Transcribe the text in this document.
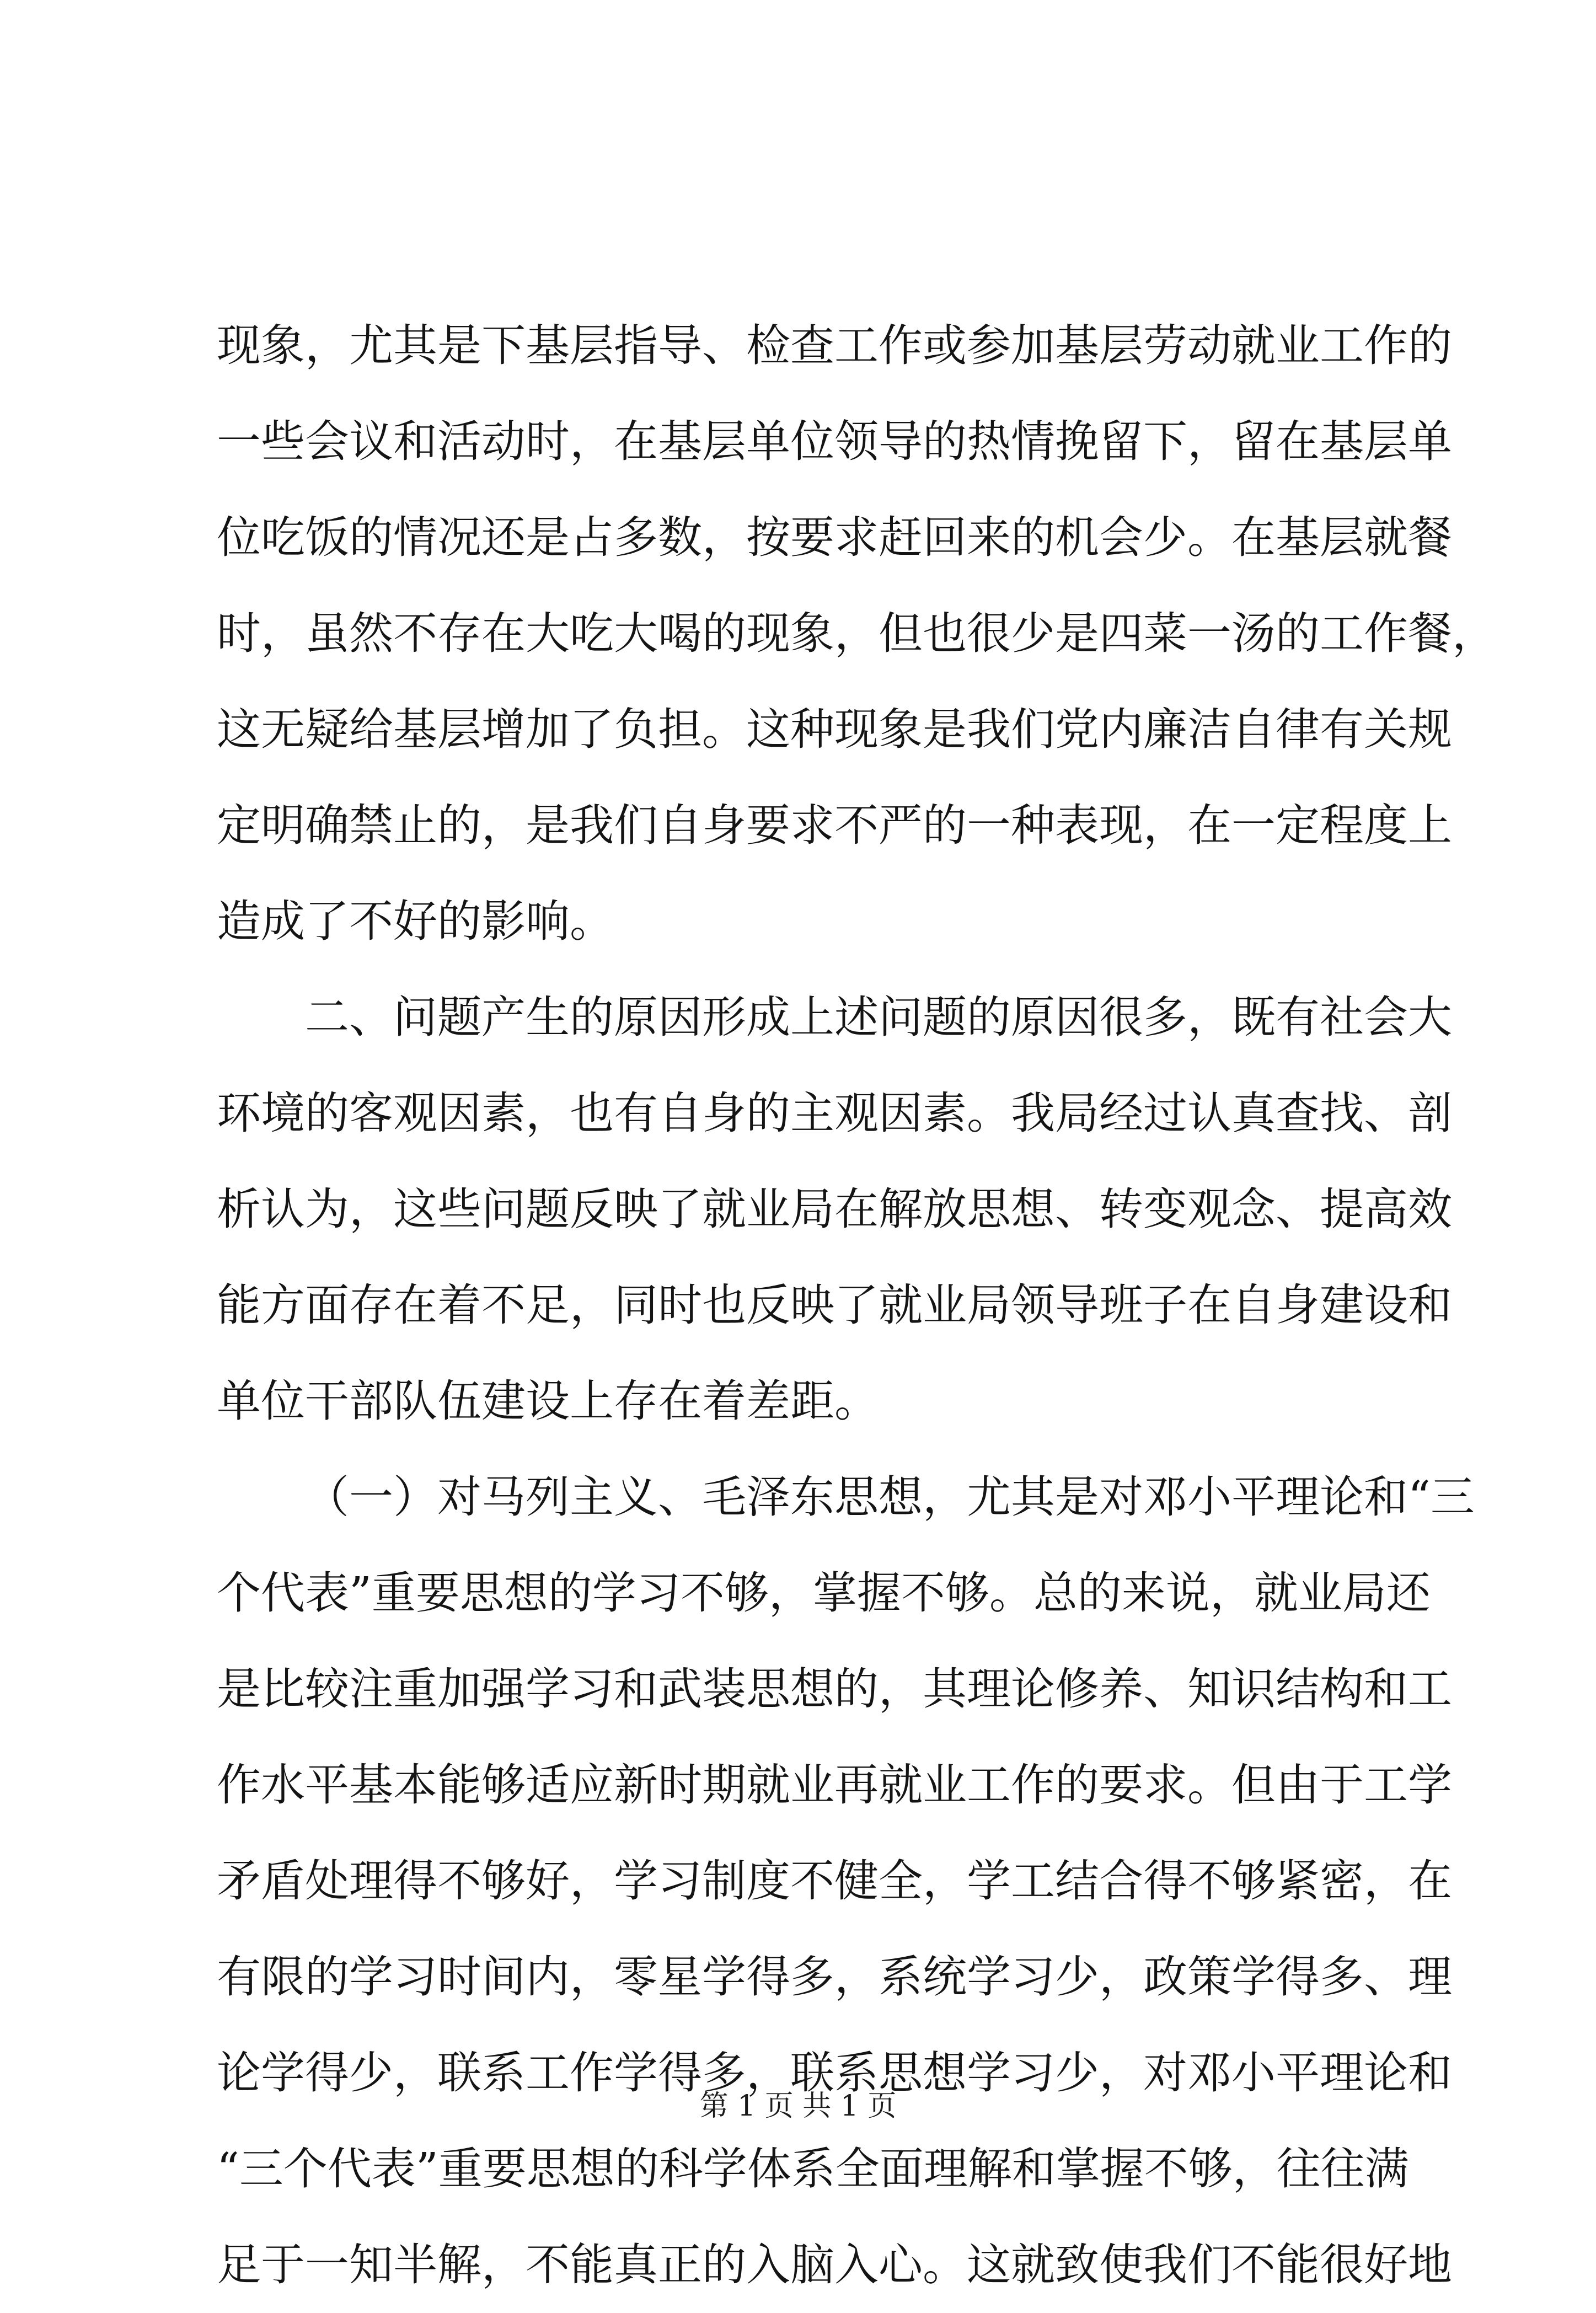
现象，尤其是下基层指导、检查工作或参加基层劳动就业工作的
一些会议和活动时，在基层单位领导的热情挽留下，留在基层单
位吃饭的情况还是占多数，按要求赶回来的机会少。在基层就餐
时，虽然不存在大吃大喝的现象，但也很少是四菜一汤的工作餐，
这无疑给基层增加了负担。这种现象是我们党内廉洁自律有关规
定明确禁止的，是我们自身要求不严的一种表现，在一定程度上
造成了不好的影响。
二、问题产生的原因形成上述问题的原因很多，既有社会大
环境的客观因素，也有自身的主观因素。我局经过认真查找、剖
析认为，这些问题反映了就业局在解放思想、转变观念、提高效
能方面存在着不足，同时也反映了就业局领导班子在自身建设和
单位干部队伍建设上存在着差距。
（一）对马列主义、毛泽东思想，尤其是对邓小平理论和“三
个代表”重要思想的学习不够，掌握不够。总的来说，就业局还
是比较注重加强学习和武装思想的，其理论修养、知识结构和工
作水平基本能够适应新时期就业再就业工作的要求。但由于工学
矛盾处理得不够好，学习制度不健全，学工结合得不够紧密，在
有限的学习时间内，零星学得多，系统学习少，政策学得多、理
论学得少，联系工作学得多，联系思想学习少，对邓小平理论和
“三个代表”重要思想的科学体系全面理解和掌握不够，往往满
足于一知半解，不能真正的入脑入心。这就致使我们不能很好地
第 1 页 共 1 页
